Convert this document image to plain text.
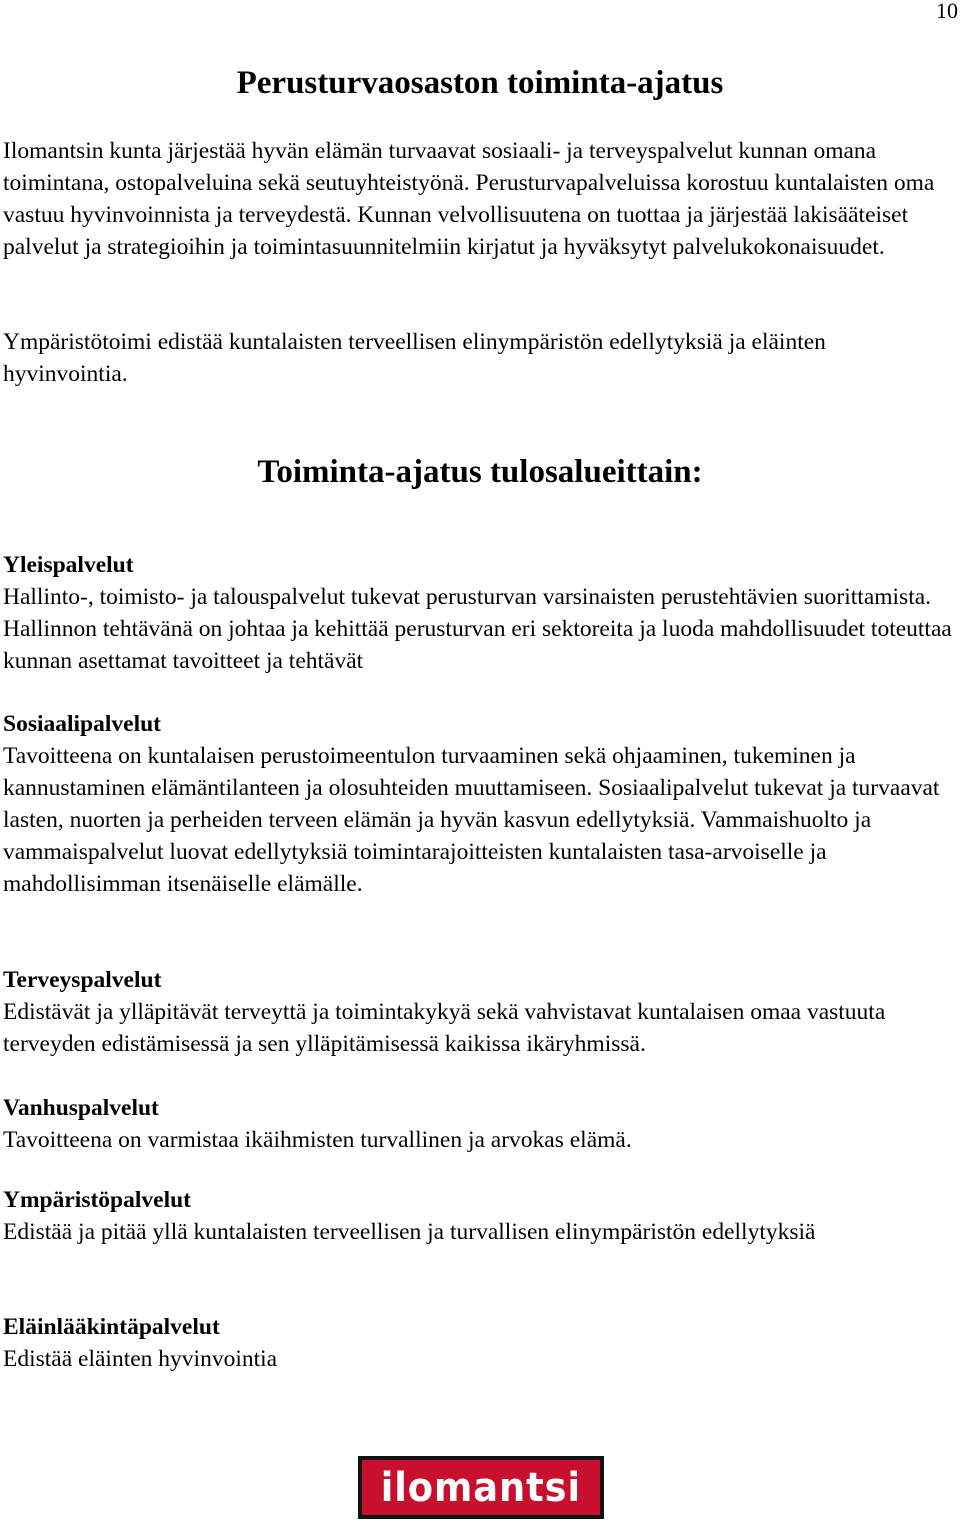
10
Perusturvaosaston toiminta-ajatus

Ilomantsin kunta järjestää hyvän elämän turvaavat sosiaali- ja terveyspalvelut kunnan omana toimintana, ostopalveluina sekä seutuyhteistyönä. Perusturvapalveluissa korostuu kuntalaisten oma vastuu hyvinvoinnista ja terveydestä. Kunnan velvollisuutena on tuottaa ja järjestää lakisääteiset palvelut ja strategioihin ja toimintasuunnitelmiin kirjatut ja hyväksytyt palvelukokonaisuudet.

Ympäristötoimi edistää kuntalaisten terveellisen elinympäristön edellytyksiä ja eläinten hyvinvointia.

Toiminta-ajatus tulosalueittain:
Yleispalvelut
Hallinto-, toimisto- ja talouspalvelut tukevat perusturvan varsinaisten perustehtävien suorittamista. Hallinnon tehtävänä on johtaa ja kehittää perusturvan eri sektoreita ja luoda mahdollisuudet toteuttaa kunnan asettamat tavoitteet ja tehtävät
Sosiaalipalvelut
Tavoitteena on kuntalaisen perustoimeentulon turvaaminen sekä ohjaaminen, tukeminen ja kannustaminen elämäntilanteen ja olosuhteiden muuttamiseen. Sosiaalipalvelut tukevat ja turvaavat lasten, nuorten ja perheiden terveen elämän ja hyvän kasvun edellytyksiä. Vammaishuolto ja vammaispalvelut luovat edellytyksiä toimintarajoitteisten kuntalaisten tasa-arvoiselle ja mahdollisimman itsenäiselle elämälle.
Terveyspalvelut
Edistävät ja ylläpitävät terveyttä ja toimintakykyä sekä vahvistavat kuntalaisen omaa vastuuta terveyden edistämisessä ja sen ylläpitämisessä kaikissa ikäryhmissä.
Vanhuspalvelut
Tavoitteena on varmistaa ikäihmisten turvallinen ja arvokas elämä.
Ympäristöpalvelut
Edistää ja pitää yllä kuntalaisten terveellisen ja turvallisen elinympäristön edellytyksiä
Eläinlääkintäpalvelut
Edistää eläinten hyvinvointia
ilomantsi
